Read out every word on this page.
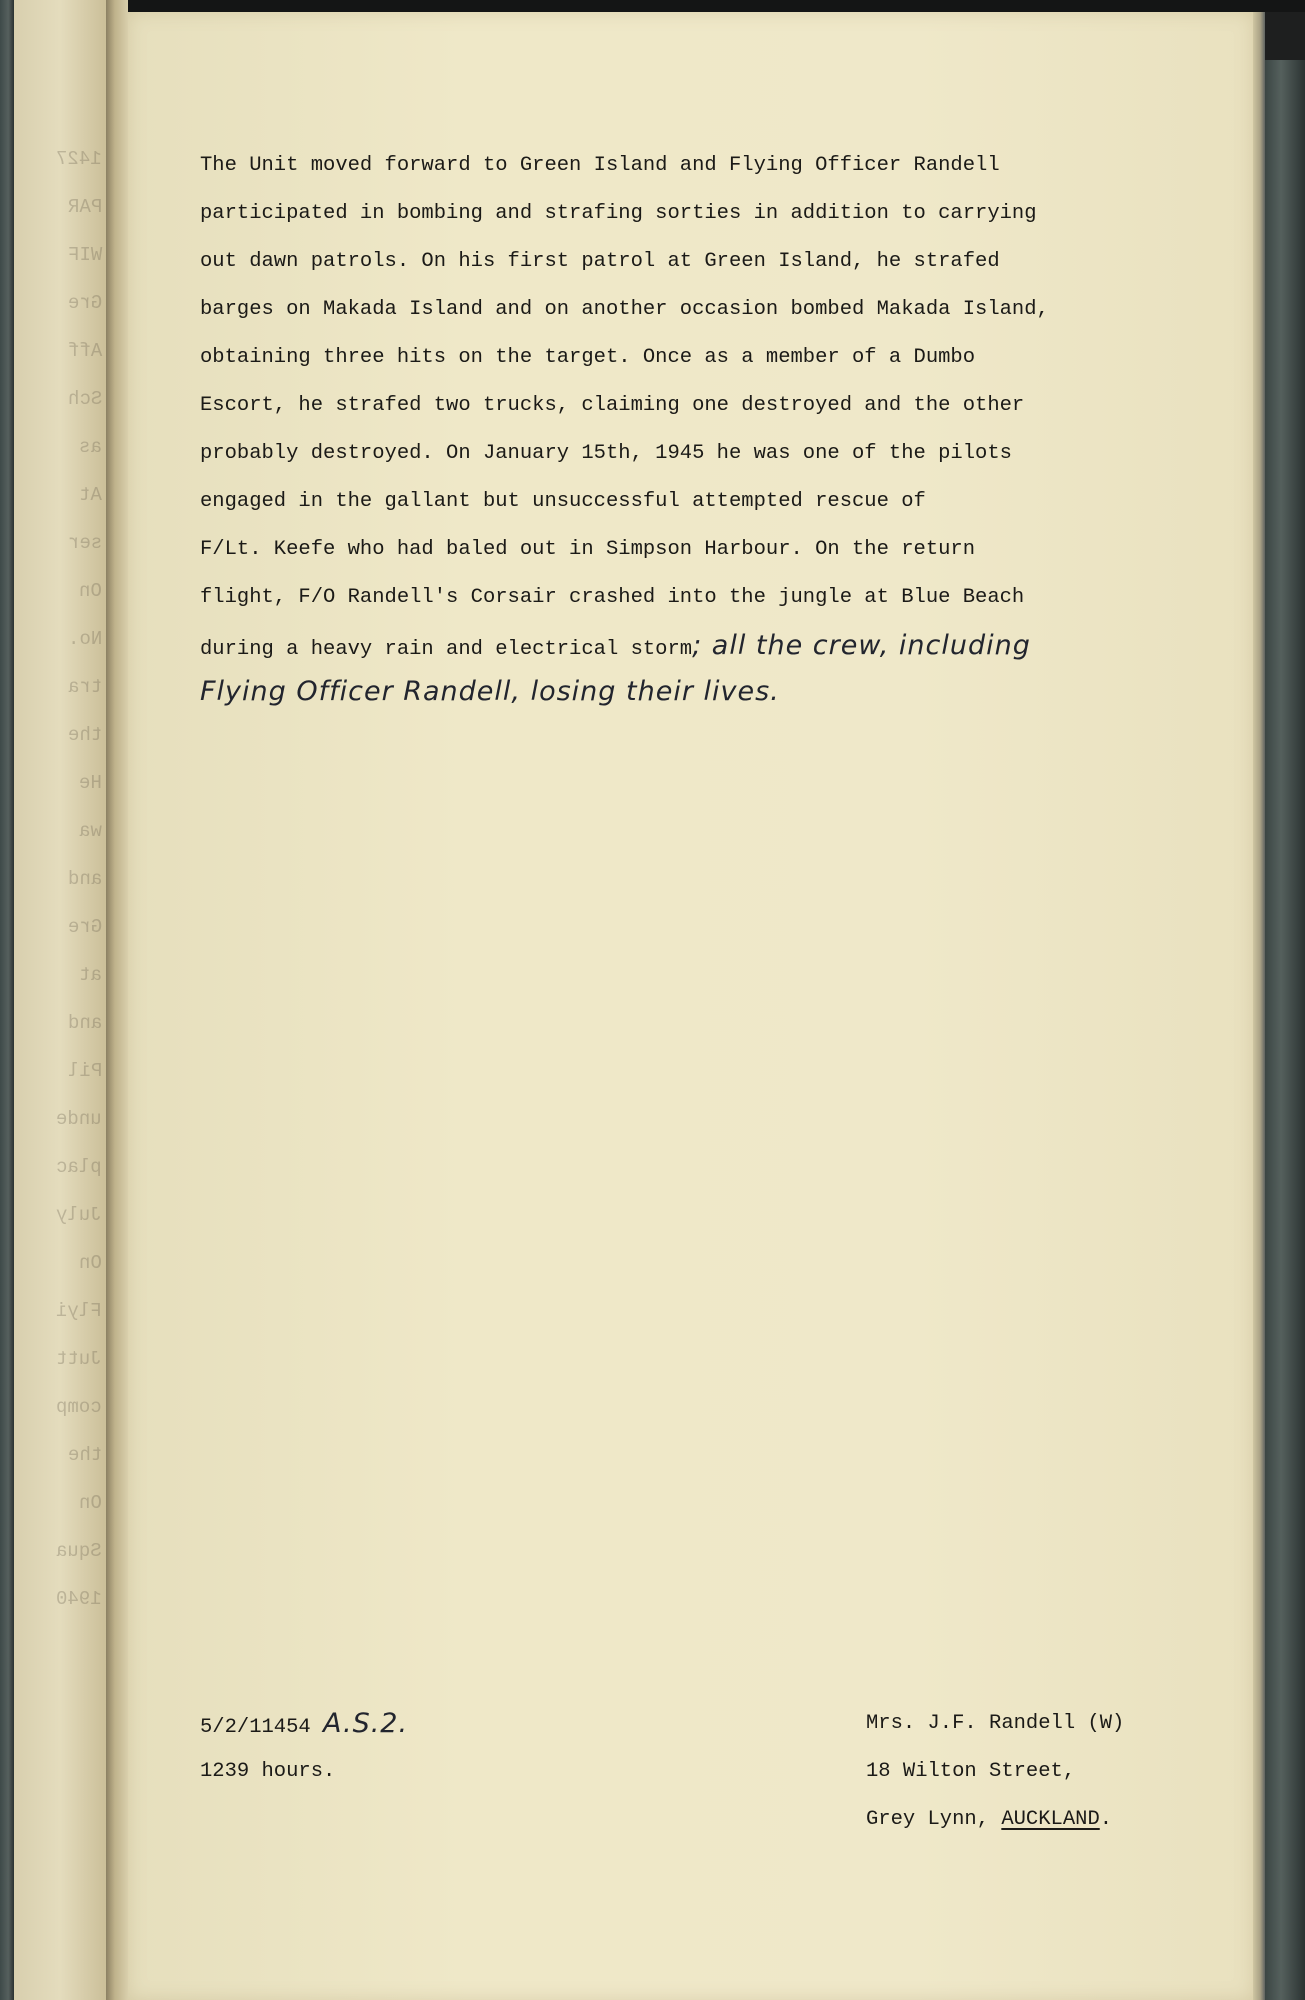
1427
PAR
WIF
Gre
Aff
Sch
as
At
ser
On
No.
tra
the
He
wa
and
Gre
at
and
Pil
unde
plac
July
On
Flyi
Jutt
comp
the
On
Squa
1940
The Unit moved forward to Green Island and Flying Officer Randell
participated in bombing and strafing sorties in addition to carrying
out dawn patrols. On his first patrol at Green Island, he strafed
barges on Makada Island and on another occasion bombed Makada Island,
obtaining three hits on the target. Once as a member of a Dumbo
Escort, he strafed two trucks, claiming one destroyed and the other
probably destroyed. On January 15th, 1945 he was one of the pilots
engaged in the gallant but unsuccessful attempted rescue of
F/Lt. Keefe who had baled out in Simpson Harbour. On the return
flight, F/O Randell's Corsair crashed into the jungle at Blue Beach
during a heavy rain and electrical storm; all the crew, including
Flying Officer Randell, losing their lives.
5/2/11454 A.S.2.
1239 hours.
Mrs. J.F. Randell (W)
18 Wilton Street,
Grey Lynn, AUCKLAND.
